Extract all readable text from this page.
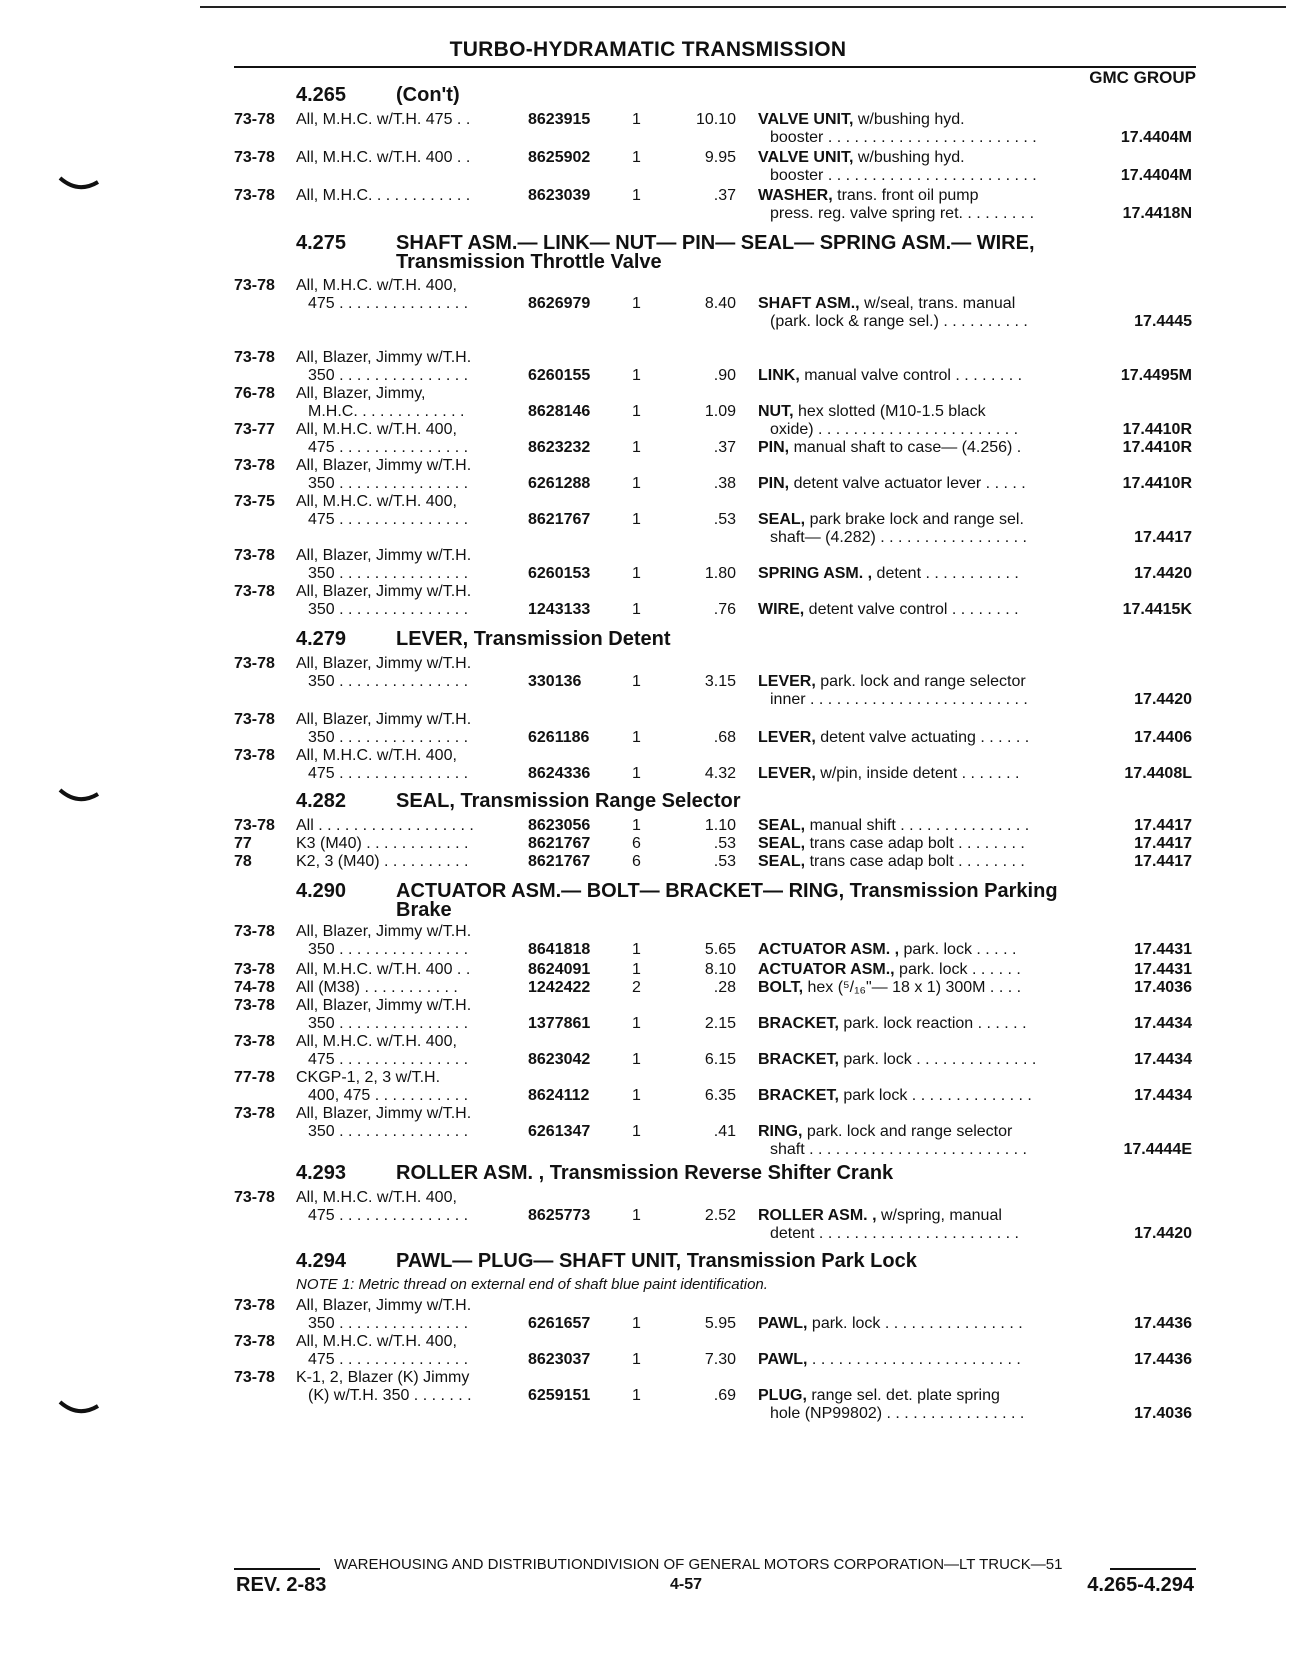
TURBO-HYDRAMATIC TRANSMISSION
GMC GROUP
4.265 (Con't)
73-78 All, M.H.C. w/T.H. 475 . .	8623915	1	10.10 VALVE UNIT, w/bushing hyd.
booster . . . . . . . . . . . . . . . . . . . . . . . .	17.4404M
73-78 All, M.H.C. w/T.H. 400 . .	8625902	1	9.95 VALVE UNIT, w/bushing hyd.
booster . . . . . . . . . . . . . . . . . . . . . . . .	17.4404M
73-78 All, M.H.C. . . . . . . . . . . .	8623039	1	.37 WASHER, trans. front oil pump
press. reg. valve spring ret. . . . . . . . .	17.4418N
4.275 SHAFT ASM.— LINK— NUT— PIN— SEAL— SPRING ASM.— WIRE,
Transmission Throttle Valve
73-78 All, M.H.C. w/T.H. 400,
475 . . . . . . . . . . . . . . .	8626979	1	8.40 SHAFT ASM., w/seal, trans. manual
(park. lock & range sel.) . . . . . . . . . .	17.4445
73-78 All, Blazer, Jimmy w/T.H.
350 . . . . . . . . . . . . . . .	6260155	1	.90 LINK, manual valve control . . . . . . . .	17.4495M
76-78 All, Blazer, Jimmy,
M.H.C. . . . . . . . . . . . .	8628146	1	1.09 NUT, hex slotted (M10-1.5 black
oxide) . . . . . . . . . . . . . . . . . . . . . . .	17.4410R
73-77 All, M.H.C. w/T.H. 400,
475 . . . . . . . . . . . . . . .	8623232	1	.37 PIN, manual shaft to case— (4.256) .	17.4410R
73-78 All, Blazer, Jimmy w/T.H.
350 . . . . . . . . . . . . . . .	6261288	1	.38 PIN, detent valve actuator lever . . . . .	17.4410R
73-75 All, M.H.C. w/T.H. 400,
475 . . . . . . . . . . . . . . .	8621767	1	.53 SEAL, park brake lock and range sel.
shaft— (4.282) . . . . . . . . . . . . . . . . .	17.4417
73-78 All, Blazer, Jimmy w/T.H.
350 . . . . . . . . . . . . . . .	6260153	1	1.80 SPRING ASM. , detent . . . . . . . . . . .	17.4420
73-78 All, Blazer, Jimmy w/T.H.
350 . . . . . . . . . . . . . . .	1243133	1	.76 WIRE, detent valve control . . . . . . . .	17.4415K
4.279 LEVER, Transmission Detent
73-78 All, Blazer, Jimmy w/T.H.
350 . . . . . . . . . . . . . . .	330136	1	3.15 LEVER, park. lock and range selector
inner . . . . . . . . . . . . . . . . . . . . . . . . .	17.4420
73-78 All, Blazer, Jimmy w/T.H.
350 . . . . . . . . . . . . . . .	6261186	1	.68 LEVER, detent valve actuating . . . . . .	17.4406
73-78 All, M.H.C. w/T.H. 400,
475 . . . . . . . . . . . . . . .	8624336	1	4.32 LEVER, w/pin, inside detent . . . . . . .	17.4408L
4.282 SEAL, Transmission Range Selector
73-78 All . . . . . . . . . . . . . . . . . .	8623056	1	1.10 SEAL, manual shift . . . . . . . . . . . . . . .	17.4417
77	K3 (M40) . . . . . . . . . . . .	8621767	6	.53 SEAL, trans case adap bolt . . . . . . . .	17.4417
78	K2, 3 (M40) . . . . . . . . . .	8621767	6	.53 SEAL, trans case adap bolt . . . . . . . .	17.4417
4.290 ACTUATOR ASM.— BOLT— BRACKET— RING, Transmission Parking
Brake
73-78 All, Blazer, Jimmy w/T.H.
350 . . . . . . . . . . . . . . .	8641818	1	5.65 ACTUATOR ASM. , park. lock . . . . .	17.4431
73-78 All, M.H.C. w/T.H. 400 . .	8624091	1	8.10 ACTUATOR ASM., park. lock . . . . . .	17.4431
74-78 All (M38) . . . . . . . . . . .	1242422	2	.28 BOLT, hex (⁵/₁₆"— 18 x 1) 300M . . . .	17.4036
73-78 All, Blazer, Jimmy w/T.H.
350 . . . . . . . . . . . . . . .	1377861	1	2.15 BRACKET, park. lock reaction . . . . . .	17.4434
73-78 All, M.H.C. w/T.H. 400,
475 . . . . . . . . . . . . . . .	8623042	1	6.15 BRACKET, park. lock . . . . . . . . . . . . . .	17.4434
77-78 CKGP-1, 2, 3 w/T.H.
400, 475 . . . . . . . . . . .	8624112	1	6.35 BRACKET, park lock . . . . . . . . . . . . . .	17.4434
73-78 All, Blazer, Jimmy w/T.H.
350 . . . . . . . . . . . . . . .	6261347	1	.41 RING, park. lock and range selector
shaft . . . . . . . . . . . . . . . . . . . . . . . . .	17.4444E
4.293 ROLLER ASM. , Transmission Reverse Shifter Crank
73-78 All, M.H.C. w/T.H. 400,
475 . . . . . . . . . . . . . . .	8625773	1	2.52 ROLLER ASM. , w/spring, manual
detent . . . . . . . . . . . . . . . . . . . . . . .	17.4420
4.294 PAWL— PLUG— SHAFT UNIT, Transmission Park Lock
NOTE 1: Metric thread on external end of shaft blue paint identification.
73-78 All, Blazer, Jimmy w/T.H.
350 . . . . . . . . . . . . . . .	6261657	1	5.95 PAWL, park. lock . . . . . . . . . . . . . . . .	17.4436
73-78 All, M.H.C. w/T.H. 400,
475 . . . . . . . . . . . . . . .	8623037	1	7.30 PAWL, . . . . . . . . . . . . . . . . . . . . . . . .	17.4436
73-78 K-1, 2, Blazer (K) Jimmy
(K) w/T.H. 350 . . . . . . .	6259151	1	.69 PLUG, range sel. det. plate spring
hole (NP99802) . . . . . . . . . . . . . . . .	17.4036
WAREHOUSING AND DISTRIBUTIONDIVISION OF GENERAL MOTORS CORPORATION—LT TRUCK—51
REV. 2-83	4-57	4.265-4.294
